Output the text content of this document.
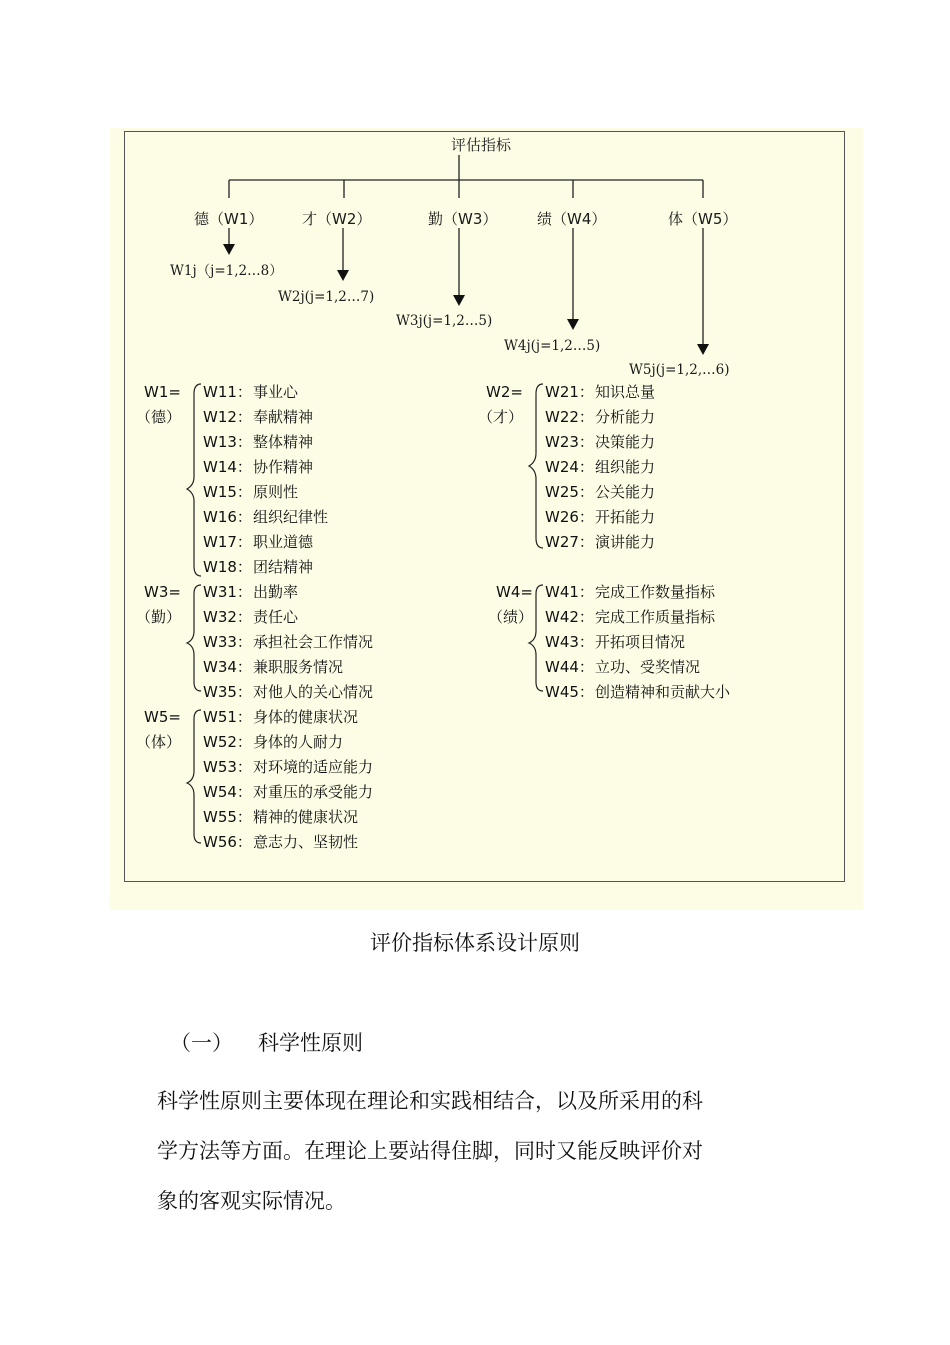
评估指标
德（W1）	才（W2）	勤（W3）	绩（W4）	体（W5）
W1j（j=1,2…8）
W2j(j=1,2…7)
W3j(j=1,2…5)
W4j(j=1,2…5)
W5j(j=1,2,…6)
W1=
（德）
W11：事业心
W12：奉献精神
W13：整体精神
W14：协作精神
W15：原则性
W16：组织纪律性
W17：职业道德
W18：团结精神
W2=
（才）
W21：知识总量
W22：分析能力
W23：决策能力
W24：组织能力
W25：公关能力
W26：开拓能力
W27：演讲能力
W3=
（勤）
W31：出勤率
W32：责任心
W33：承担社会工作情况
W34：兼职服务情况
W35：对他人的关心情况
W4=
（绩）
W41：完成工作数量指标
W42：完成工作质量指标
W43：开拓项目情况
W44：立功、受奖情况
W45：创造精神和贡献大小
W5=
（体）
W51：身体的健康状况
W52：身体的人耐力
W53：对环境的适应能力
W54：对重压的承受能力
W55：精神的健康状况
W56：意志力、坚韧性
评价指标体系设计原则
（一） 科学性原则
科学性原则主要体现在理论和实践相结合，以及所采用的科
学方法等方面。在理论上要站得住脚，同时又能反映评价对
象的客观实际情况。
